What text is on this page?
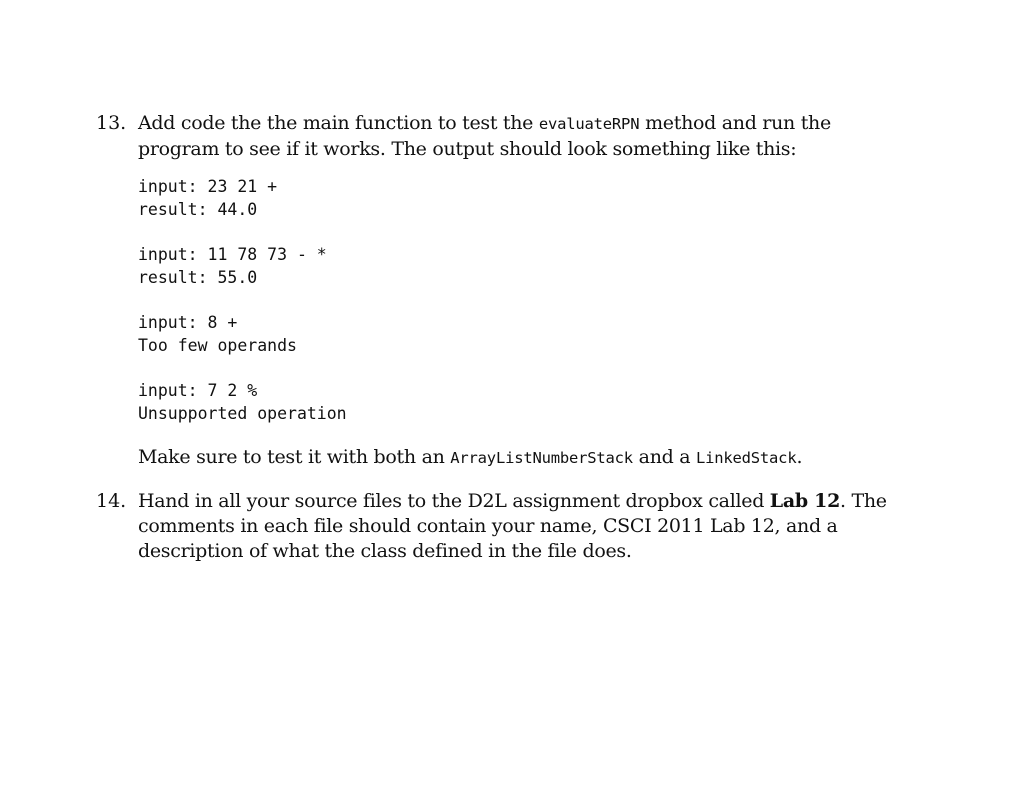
13. Add code the the main function to test the evaluateRPN method and run the program to see if it works. The output should look something like this:

input: 23 21 +
result: 44.0
input: 11 78 73 - *
result: 55.0
input: 8 +
Too few operands
input: 7 2 %
Unsupported operation

Make sure to test it with both an ArrayListNumberStack and a LinkedStack.

14. Hand in all your source files to the D2L assignment dropbox called Lab 12. The comments in each file should contain your name, CSCI 2011 Lab 12, and a description of what the class defined in the file does.
